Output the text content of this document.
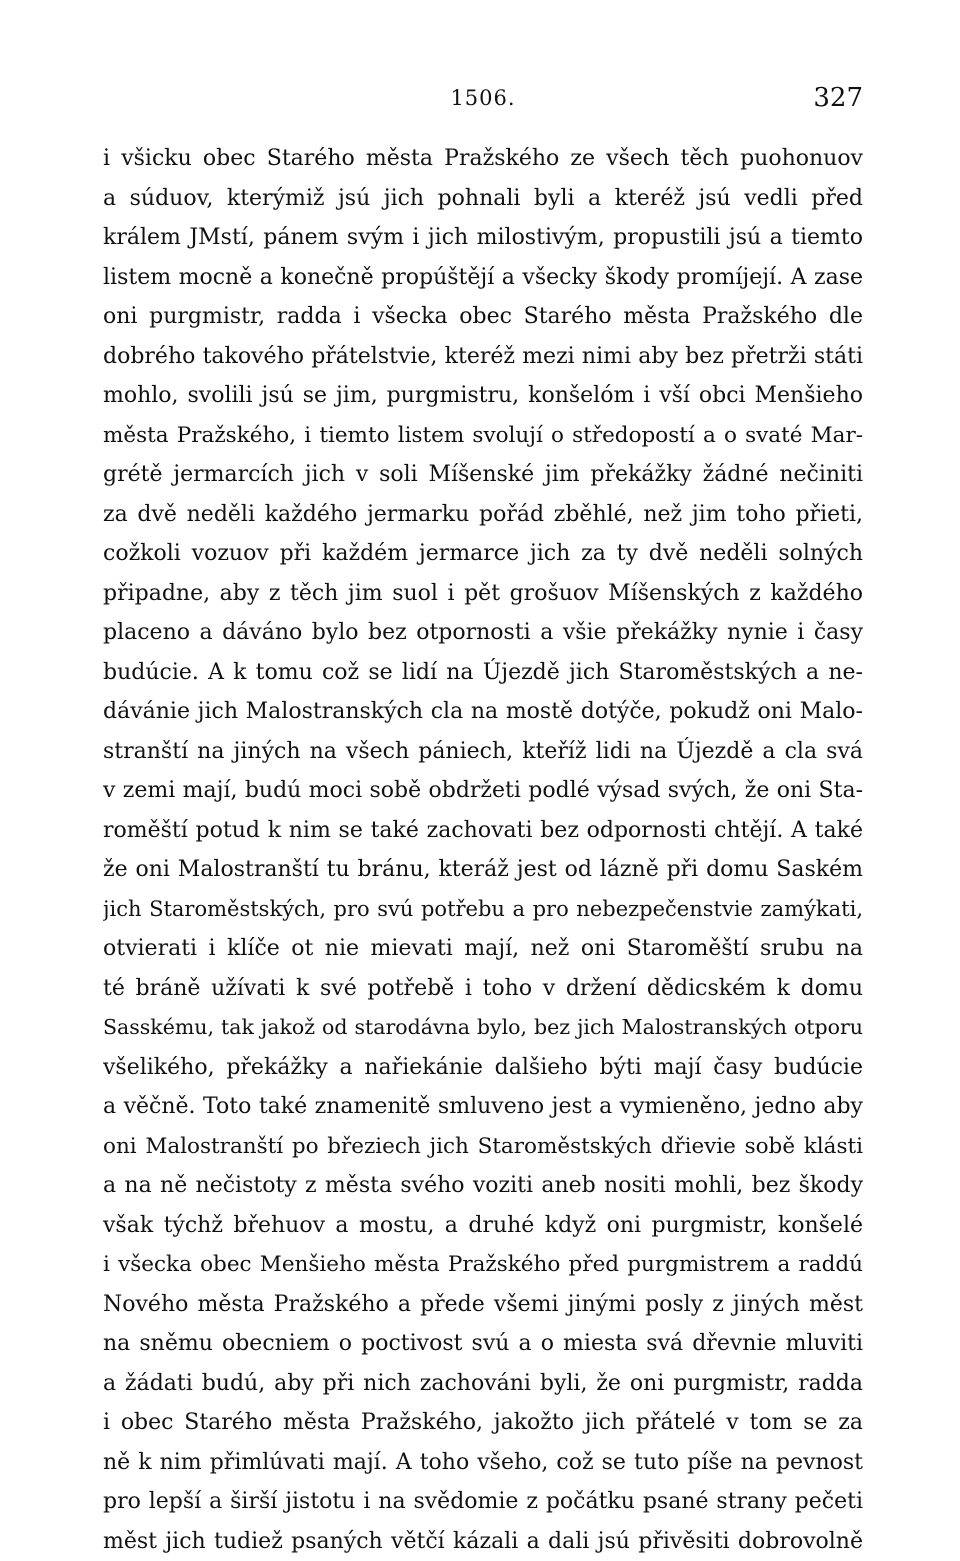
1506.	327
i všicku obec Starého města Pražského ze všech těch puohonuov
a súduov, kterýmiž jsú jich pohnali byli a kteréž jsú vedli před
králem JMstí, pánem svým i jich milostivým, propustili jsú a tiemto
listem mocně a konečně propúštějí a všecky škody promíjejí. A zase
oni purgmistr, radda i všecka obec Starého města Pražského dle
dobrého takového přátelstvie, kteréž mezi nimi aby bez přetrži státi
mohlo, svolili jsú se jim, purgmistru, konšelóm i vší obci Menšieho
města Pražského, i tiemto listem svolují o středopostí a o svaté Mar-
grétě jermarcích jich v soli Míšenské jim překážky žádné nečiniti
za dvě neděli každého jermarku pořád zběhlé, než jim toho přieti,
cožkoli vozuov při každém jermarce jich za ty dvě neděli solných
připadne, aby z těch jim suol i pět grošuov Míšenských z každého
placeno a dáváno bylo bez otpornosti a všie překážky nynie i časy
budúcie. A k tomu což se lidí na Újezdě jich Staroměstských a ne-
dávánie jich Malostranských cla na mostě dotýče, pokudž oni Malo-
stranští na jiných na všech pániech, kteříž lidi na Újezdě a cla svá
v zemi mají, budú moci sobě obdržeti podlé výsad svých, že oni Sta-
roměští potud k nim se také zachovati bez odpornosti chtějí. A také
že oni Malostranští tu bránu, kteráž jest od lázně při domu Saském
jich Staroměstských, pro svú potřebu a pro nebezpečenstvie zamýkati,
otvierati i klíče ot nie mievati mají, než oni Staroměští srubu na
té bráně užívati k své potřebě i toho v držení dědicském k domu
Sasskému, tak jakož od starodávna bylo, bez jich Malostranských otporu
všelikého, překážky a nařiekánie dalšieho býti mají časy budúcie
a věčně. Toto také znamenitě smluveno jest a vymieněno, jedno aby
oni Malostranští po březiech jich Staroměstských dřievie sobě klásti
a na ně nečistoty z města svého voziti aneb nositi mohli, bez škody
však týchž břehuov a mostu, a druhé když oni purgmistr, konšelé
i všecka obec Menšieho města Pražského před purgmistrem a raddú
Nového města Pražského a přede všemi jinými posly z jiných měst
na sněmu obecniem o poctivost svú a o miesta svá dřevnie mluviti
a žádati budú, aby při nich zachováni byli, že oni purgmistr, radda
i obec Starého města Pražského, jakožto jich přátelé v tom se za
ně k nim přimlúvati mají. A toho všeho, což se tuto píše na pevnost
pro lepší a širší jistotu i na svědomie z počátku psané strany pečeti
měst jich tudiež psaných větčí kázali a dali jsú přivěsiti dobrovolně
